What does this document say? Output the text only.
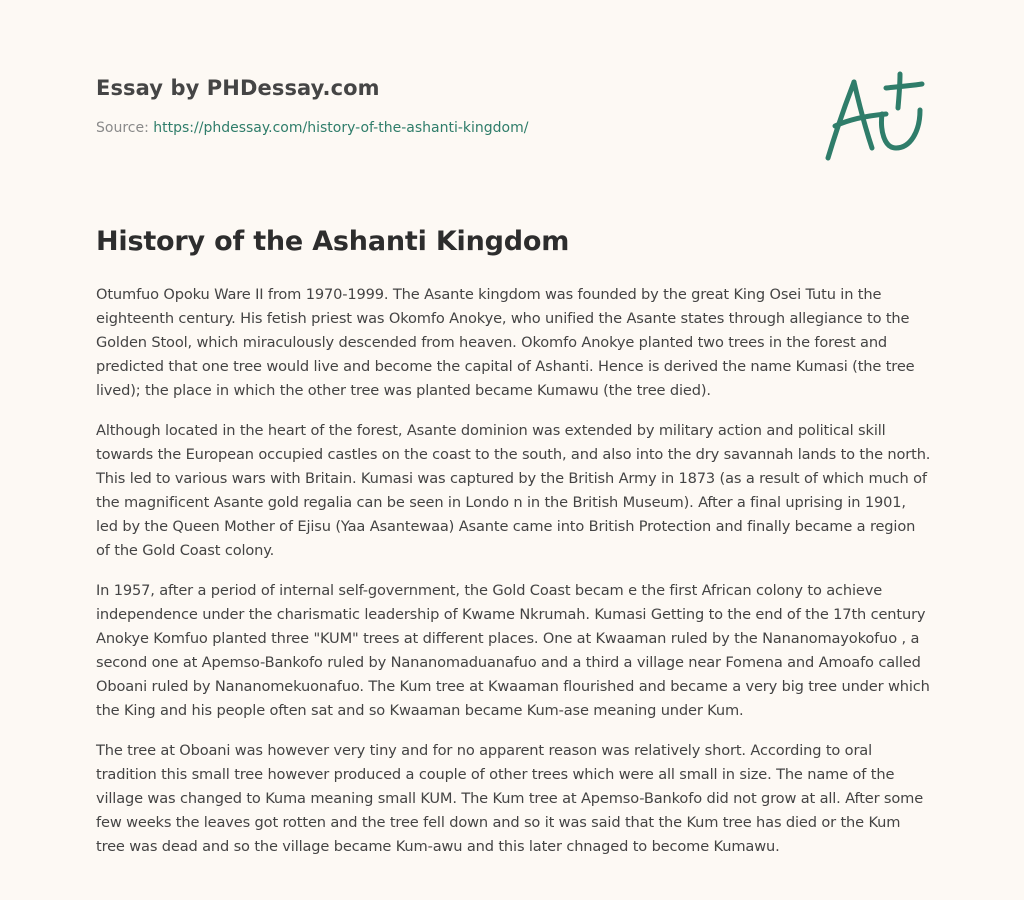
Essay by PHDessay.com
Source: https://phdessay.com/history-of-the-ashanti-kingdom/
History of the Ashanti Kingdom

Otumfuo Opoku Ware II from 1970-1999. The Asante kingdom was founded by the great King Osei Tutu in the eighteenth century. His fetish priest was Okomfo Anokye, who unified the Asante states through allegiance to the Golden Stool, which miraculously descended from heaven. Okomfo Anokye planted two trees in the forest and predicted that one tree would live and become the capital of Ashanti. Hence is derived the name Kumasi (the tree lived); the place in which the other tree was planted became Kumawu (the tree died).

Although located in the heart of the forest, Asante dominion was extended by military action and political skill towards the European occupied castles on the coast to the south, and also into the dry savannah lands to the north. This led to various wars with Britain. Kumasi was captured by the British Army in 1873 (as a result of which much of the magnificent Asante gold regalia can be seen in Londo n in the British Museum). After a final uprising in 1901, led by the Queen Mother of Ejisu (Yaa Asantewaa) Asante came into British Protection and finally became a region of the Gold Coast colony.

In 1957, after a period of internal self-government, the Gold Coast becam e the first African colony to achieve independence under the charismatic leadership of Kwame Nkrumah. Kumasi Getting to the end of the 17th century Anokye Komfuo planted three "KUM" trees at different places. One at Kwaaman ruled by the Nananomayokofuo , a second one at Apemso-Bankofo ruled by Nananomaduanafuo and a third a village near Fomena and Amoafo called Oboani ruled by Nananomekuonafuo. The Kum tree at Kwaaman flourished and became a very big tree under which the King and his people often sat and so Kwaaman became Kum-ase meaning under Kum.

The tree at Oboani was however very tiny and for no apparent reason was relatively short. According to oral tradition this small tree however produced a couple of other trees which were all small in size. The name of the village was changed to Kuma meaning small KUM. The Kum tree at Apemso-Bankofo did not grow at all. After some few weeks the leaves got rotten and the tree fell down and so it was said that the Kum tree has died or the Kum tree was dead and so the village became Kum-awu and this later chnaged to become Kumawu.
